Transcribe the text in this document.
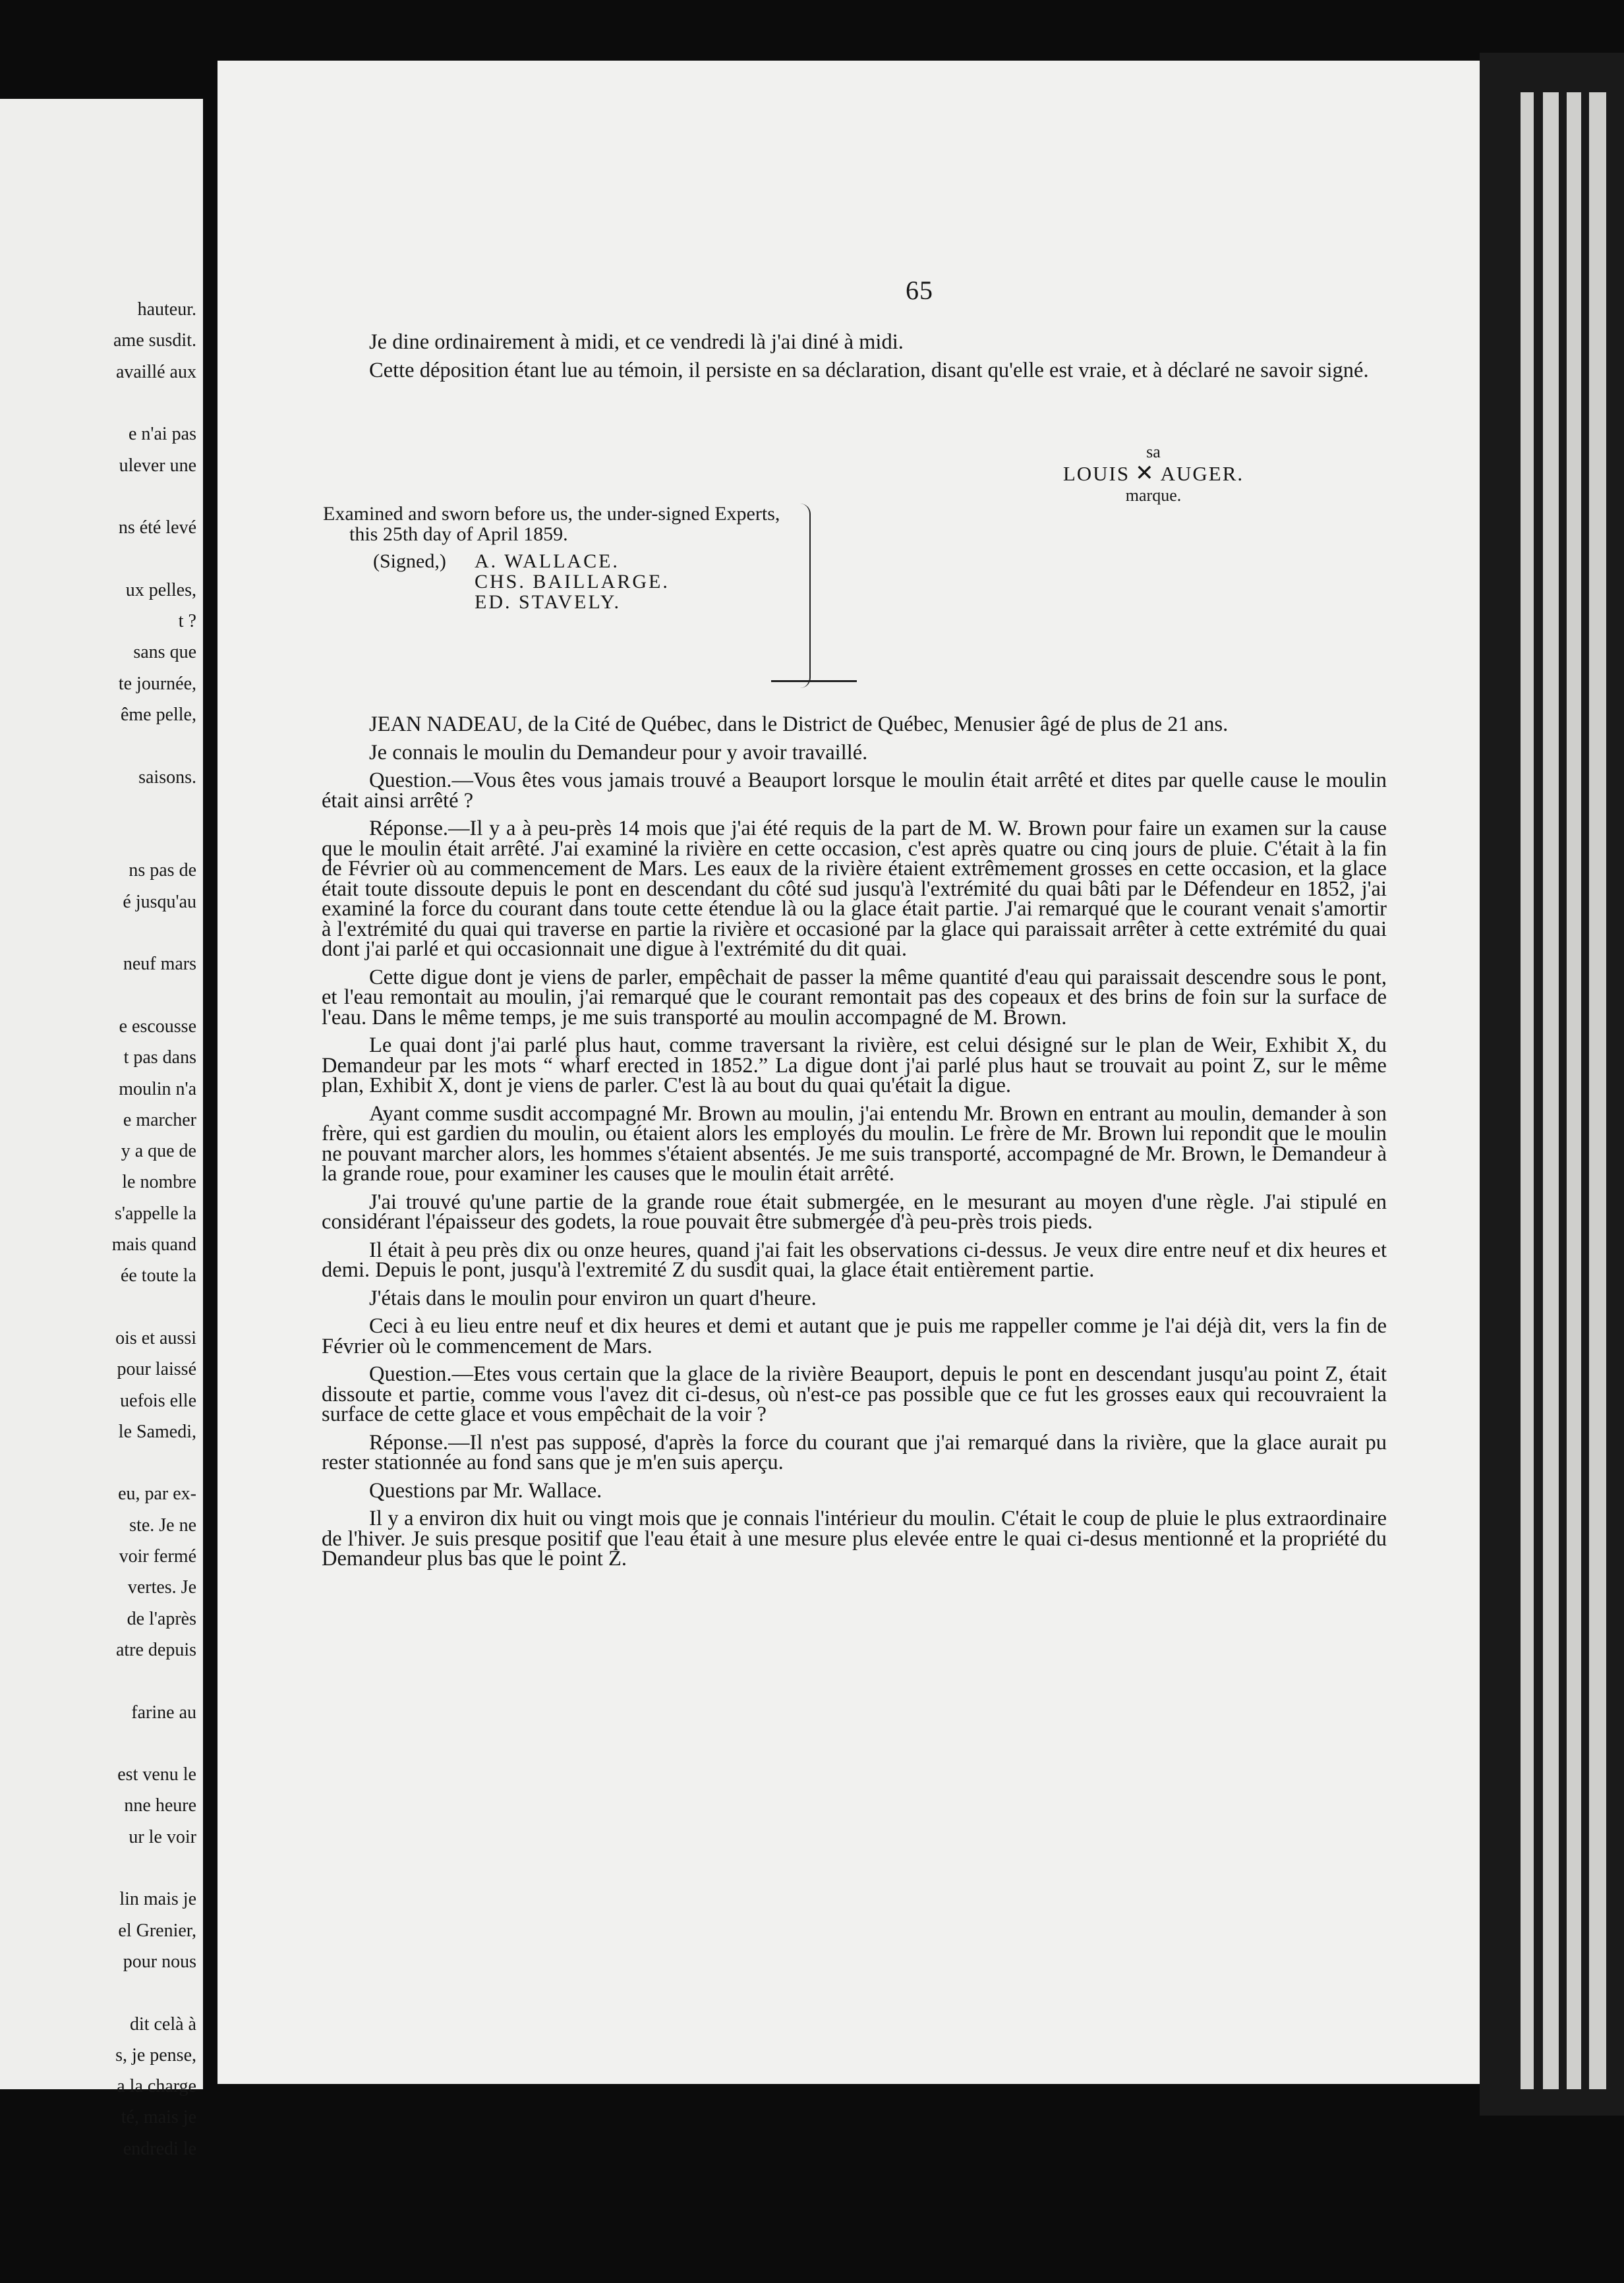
hauteur.
ame susdit.
availlé aux
e n'ai pas
ulever une
ns été levé
ux pelles,
t ?
sans que
te journée,
ême pelle,
saisons.
ns pas de
é jusqu'au
neuf mars
e escousse
t pas dans
moulin n'a
e marcher
y a que de
le nombre
s'appelle la
mais quand
ée toute la
ois et aussi
pour laissé
uefois elle
le Samedi,
eu, par ex-
ste. Je ne
voir fermé
vertes. Je
de l'après
atre depuis
farine au
est venu le
nne heure
ur le voir
lin mais je
el Grenier,
pour nous
dit celà à
s, je pense,
a la charge
té, mais je
endredi le
65

Je dine ordinairement à midi, et ce vendredi là j'ai diné à midi.

Cette déposition étant lue au témoin, il persiste en sa déclaration, disant qu'elle est vraie, et à déclaré ne savoir signé.

sa
LOUIS ✕ AUGER.
marque.

Examined and sworn before us, the under-signed Experts, this 25th day of April 1859.

(Signed,)	A. WALLACE.
CHS. BAILLARGE.
ED. STAVELY.

JEAN NADEAU, de la Cité de Québec, dans le District de Québec, Menusier âgé de plus de 21 ans.

Je connais le moulin du Demandeur pour y avoir travaillé.

Question.—Vous êtes vous jamais trouvé a Beauport lorsque le moulin était arrêté et dites par quelle cause le moulin était ainsi arrêté ?

Réponse.—Il y a à peu-près 14 mois que j'ai été requis de la part de M. W. Brown pour faire un examen sur la cause que le moulin était arrêté. J'ai examiné la rivière en cette occasion, c'est après quatre ou cinq jours de pluie. C'était à la fin de Février où au commencement de Mars. Les eaux de la rivière étaient extrêmement grosses en cette occasion, et la glace était toute dissoute depuis le pont en descendant du côté sud jusqu'à l'extrémité du quai bâti par le Défendeur en 1852, j'ai examiné la force du courant dans toute cette étendue là ou la glace était partie. J'ai remarqué que le courant venait s'amortir à l'extrémité du quai qui traverse en partie la rivière et occasioné par la glace qui paraissait arrêter à cette extrémité du quai dont j'ai parlé et qui occasionnait une digue à l'extrémité du dit quai.

Cette digue dont je viens de parler, empêchait de passer la même quantité d'eau qui paraissait descendre sous le pont, et l'eau remontait au moulin, j'ai remarqué que le courant remontait pas des copeaux et des brins de foin sur la surface de l'eau. Dans le même temps, je me suis transporté au moulin accompagné de M. Brown.

Le quai dont j'ai parlé plus haut, comme traversant la rivière, est celui désigné sur le plan de Weir, Exhibit X, du Demandeur par les mots “ wharf erected in 1852.” La digue dont j'ai parlé plus haut se trouvait au point Z, sur le même plan, Exhibit X, dont je viens de parler. C'est là au bout du quai qu'était la digue.

Ayant comme susdit accompagné Mr. Brown au moulin, j'ai entendu Mr. Brown en entrant au moulin, demander à son frère, qui est gardien du moulin, ou étaient alors les employés du moulin. Le frère de Mr. Brown lui repondit que le moulin ne pouvant marcher alors, les hommes s'étaient absentés. Je me suis transporté, accompagné de Mr. Brown, le Demandeur à la grande roue, pour examiner les causes que le moulin était arrêté.

J'ai trouvé qu'une partie de la grande roue était submergée, en le mesurant au moyen d'une règle. J'ai stipulé en considérant l'épaisseur des godets, la roue pouvait être submergée d'à peu-près trois pieds.

Il était à peu près dix ou onze heures, quand j'ai fait les observations ci-dessus. Je veux dire entre neuf et dix heures et demi. Depuis le pont, jusqu'à l'extremité Z du susdit quai, la glace était entièrement partie.

J'étais dans le moulin pour environ un quart d'heure.

Ceci à eu lieu entre neuf et dix heures et demi et autant que je puis me rappeller comme je l'ai déjà dit, vers la fin de Février où le commencement de Mars.

Question.—Etes vous certain que la glace de la rivière Beauport, depuis le pont en descendant jusqu'au point Z, était dissoute et partie, comme vous l'avez dit ci-desus, où n'est-ce pas possible que ce fut les grosses eaux qui recouvraient la surface de cette glace et vous empêchait de la voir ?

Réponse.—Il n'est pas supposé, d'après la force du courant que j'ai remarqué dans la rivière, que la glace aurait pu rester stationnée au fond sans que je m'en suis aperçu.

Questions par Mr. Wallace.

Il y a environ dix huit ou vingt mois que je connais l'intérieur du moulin. C'était le coup de pluie le plus extraordinaire de l'hiver. Je suis presque positif que l'eau était à une mesure plus elevée entre le quai ci-desus mentionné et la propriété du Demandeur plus bas que le point Z.
